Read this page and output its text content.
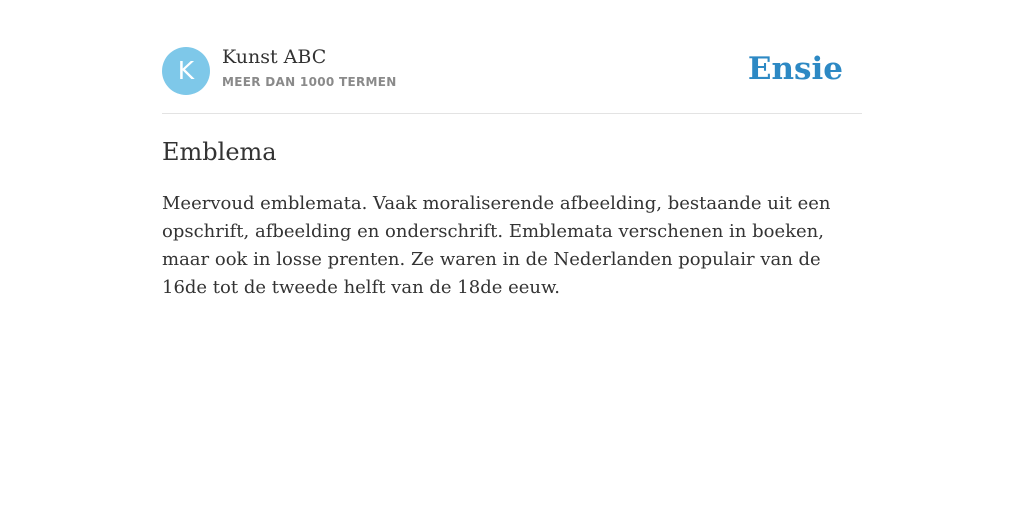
K	Kunst ABC
MEER DAN 1000 TERMEN	Ensie
Emblema

Meervoud emblemata. Vaak moraliserende afbeelding, bestaande uit een opschrift, afbeelding en onderschrift. Emblemata verschenen in boeken, maar ook in losse prenten. Ze waren in de Nederlanden populair van de 16de tot de tweede helft van de 18de eeuw.
